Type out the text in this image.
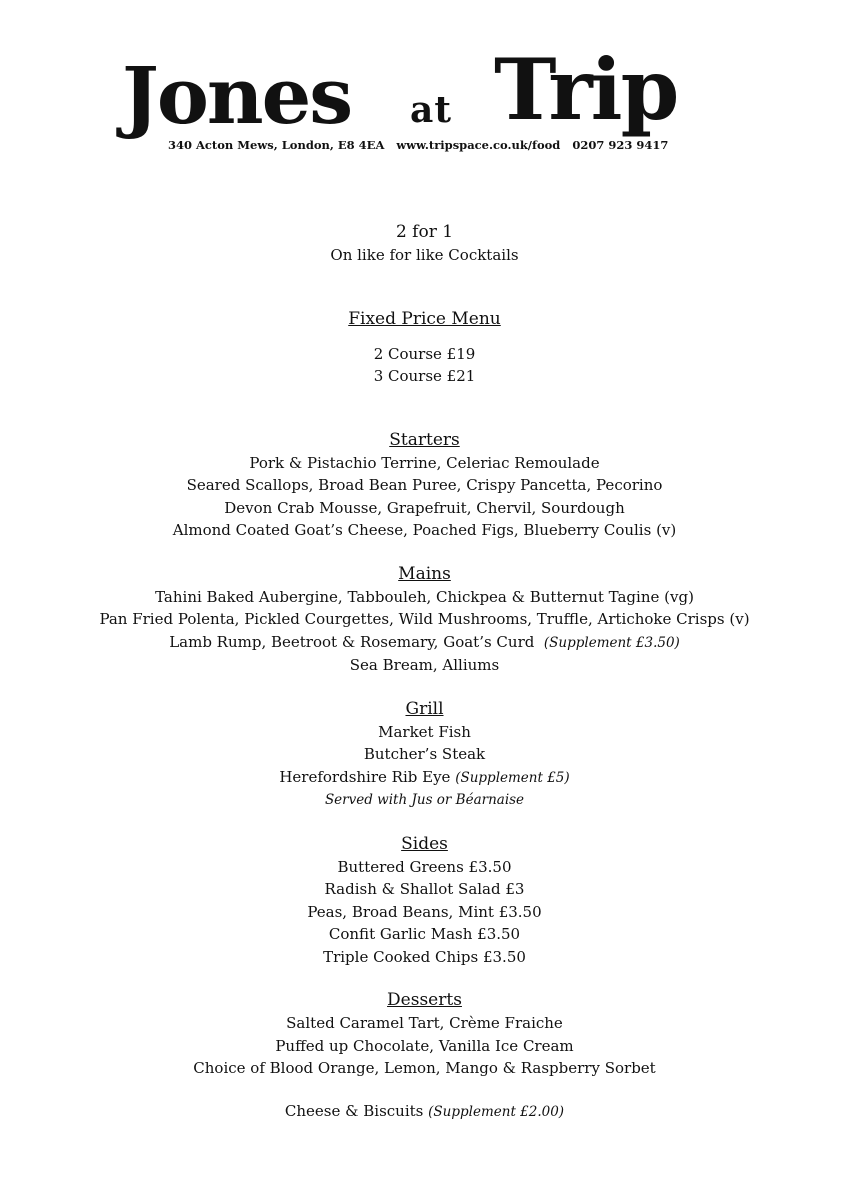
Jones at Trip
340 Acton Mews, London, E8 4EA   www.tripspace.co.uk/food   0207 923 9417
2 for 1
On like for like Cocktails
Fixed Price Menu
2 Course £19
3 Course £21
Starters
Pork & Pistachio Terrine, Celeriac Remoulade
Seared Scallops, Broad Bean Puree, Crispy Pancetta, Pecorino
Devon Crab Mousse, Grapefruit, Chervil, Sourdough
Almond Coated Goat’s Cheese, Poached Figs, Blueberry Coulis (v)
Mains
Tahini Baked Aubergine, Tabbouleh, Chickpea & Butternut Tagine (vg)
Pan Fried Polenta, Pickled Courgettes, Wild Mushrooms, Truffle, Artichoke Crisps (v)
Lamb Rump, Beetroot & Rosemary, Goat’s Curd (Supplement £3.50)
Sea Bream, Alliums
Grill
Market Fish
Butcher’s Steak
Herefordshire Rib Eye (Supplement £5)
Served with Jus or Béarnaise
Sides
Buttered Greens £3.50
Radish & Shallot Salad £3
Peas, Broad Beans, Mint £3.50
Confit Garlic Mash £3.50
Triple Cooked Chips £3.50
Desserts
Salted Caramel Tart, Crème Fraiche
Puffed up Chocolate, Vanilla Ice Cream
Choice of Blood Orange, Lemon, Mango & Raspberry Sorbet
Cheese & Biscuits (Supplement £2.00)
